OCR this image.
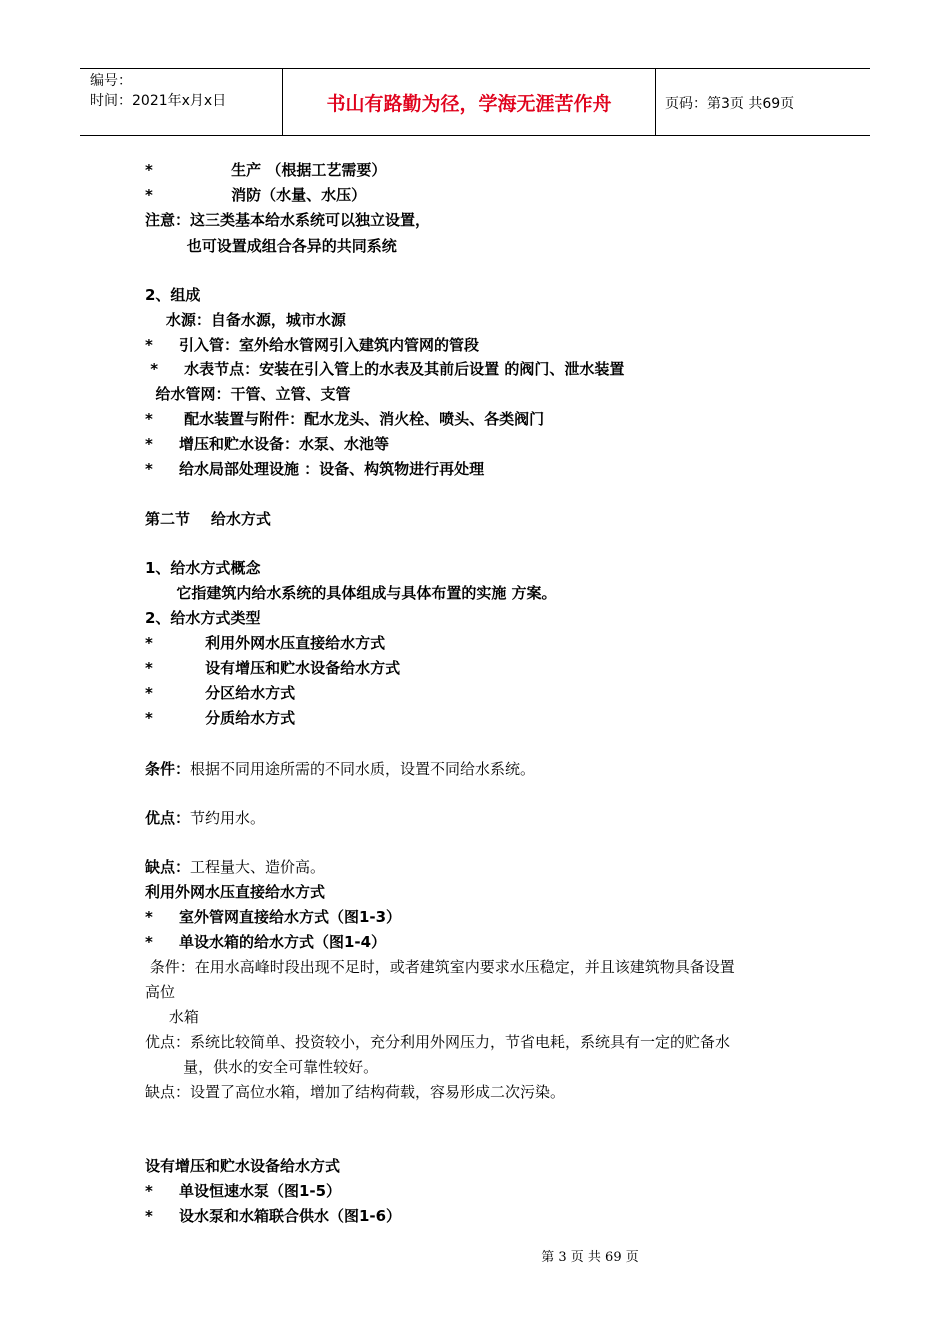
编号：
时间：2021年x月x日	书山有路勤为径，学海无涯苦作舟	页码：第3页 共69页
*               生产 （根据工艺需要）
*               消防（水量、水压）
注意：这三类基本给水系统可以独立设置，
也可设置成组合各异的共同系统
2、组成
水源：自备水源，城市水源
*     引入管：室外给水管网引入建筑内管网的管段
*     水表节点：安装在引入管上的水表及其前后设置 的阀门、泄水装置
给水管网：干管、立管、支管
*      配水装置与附件：配水龙头、消火栓、喷头、各类阀门
*     增压和贮水设备：水泵、水池等
*     给水局部处理设施 ：设备、构筑物进行再处理
第二节    给水方式
1、给水方式概念
它指建筑内给水系统的具体组成与具体布置的实施 方案。
2、给水方式类型
*          利用外网水压直接给水方式
*          设有增压和贮水设备给水方式
*          分区给水方式
*          分质给水方式
条件：根据不同用途所需的不同水质，设置不同给水系统。
优点：节约用水。
缺点：工程量大、造价高。
利用外网水压直接给水方式
*     室外管网直接给水方式（图1-3）
*     单设水箱的给水方式（图1-4）
条件：在用水高峰时段出现不足时，或者建筑室内要求水压稳定，并且该建筑物具备设置
高位
水箱
优点：系统比较简单、投资较小，充分利用外网压力，节省电耗，系统具有一定的贮备水
量，供水的安全可靠性较好。
缺点：设置了高位水箱，增加了结构荷载，容易形成二次污染。
设有增压和贮水设备给水方式
*     单设恒速水泵（图1-5）
*     设水泵和水箱联合供水（图1-6）
第 3 页 共 69 页
